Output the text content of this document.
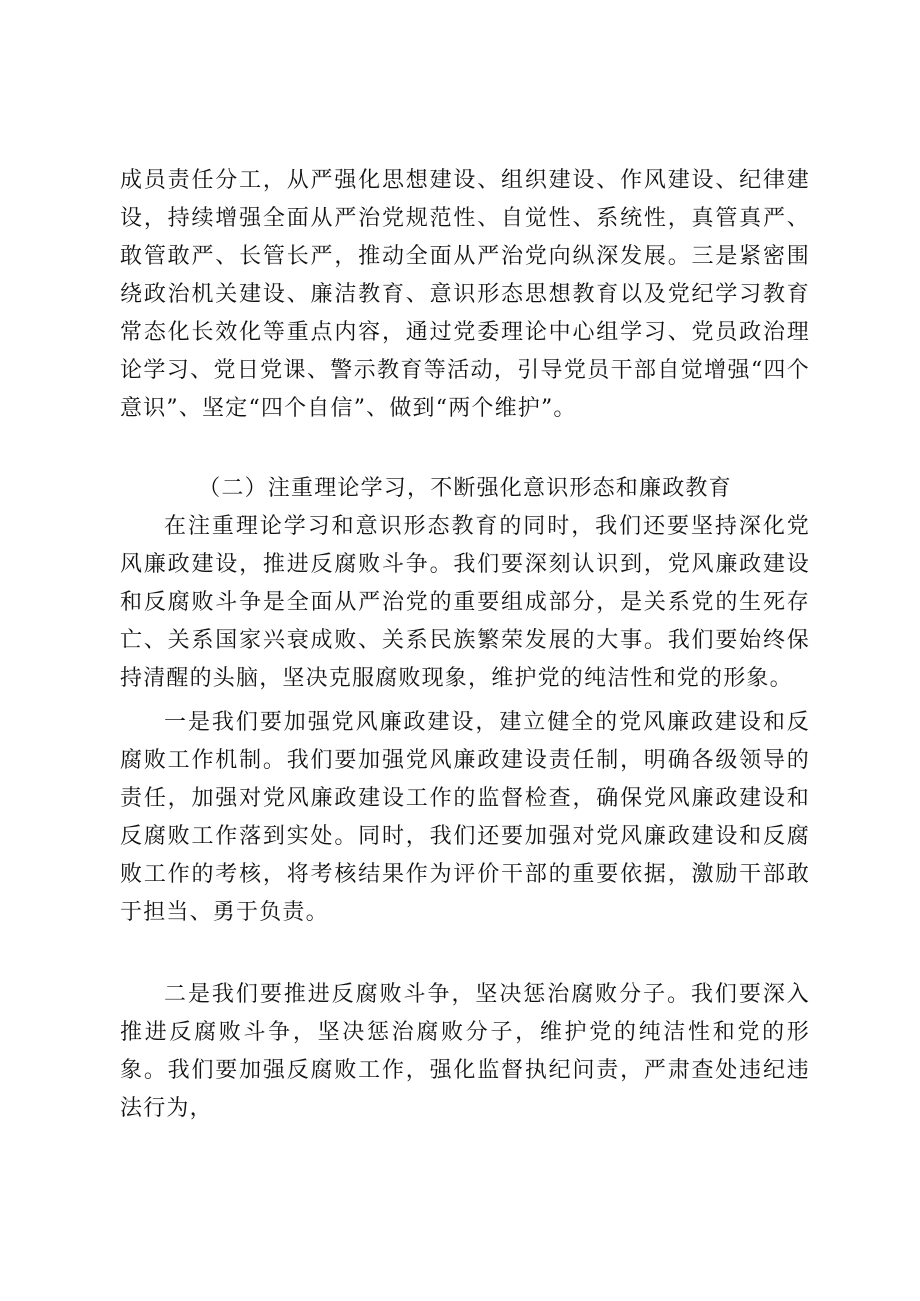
成员责任分工，从严强化思想建设、组织建设、作风建设、纪律建设，持续增强全面从严治党规范性、自觉性、系统性，真管真严、敢管敢严、长管长严，推动全面从严治党向纵深发展。三是紧密围绕政治机关建设、廉洁教育、意识形态思想教育以及党纪学习教育常态化长效化等重点内容，通过党委理论中心组学习、党员政治理论学习、党日党课、警示教育等活动，引导党员干部自觉增强“四个意识”、坚定“四个自信”、做到“两个维护”。

（二）注重理论学习，不断强化意识形态和廉政教育

在注重理论学习和意识形态教育的同时，我们还要坚持深化党风廉政建设，推进反腐败斗争。我们要深刻认识到，党风廉政建设和反腐败斗争是全面从严治党的重要组成部分，是关系党的生死存亡、关系国家兴衰成败、关系民族繁荣发展的大事。我们要始终保持清醒的头脑，坚决克服腐败现象，维护党的纯洁性和党的形象。

一是我们要加强党风廉政建设，建立健全的党风廉政建设和反腐败工作机制。我们要加强党风廉政建设责任制，明确各级领导的责任，加强对党风廉政建设工作的监督检查，确保党风廉政建设和反腐败工作落到实处。同时，我们还要加强对党风廉政建设和反腐败工作的考核，将考核结果作为评价干部的重要依据，激励干部敢于担当、勇于负责。

二是我们要推进反腐败斗争，坚决惩治腐败分子。我们要深入推进反腐败斗争，坚决惩治腐败分子，维护党的纯洁性和党的形象。我们要加强反腐败工作，强化监督执纪问责，严肃查处违纪违法行为，
